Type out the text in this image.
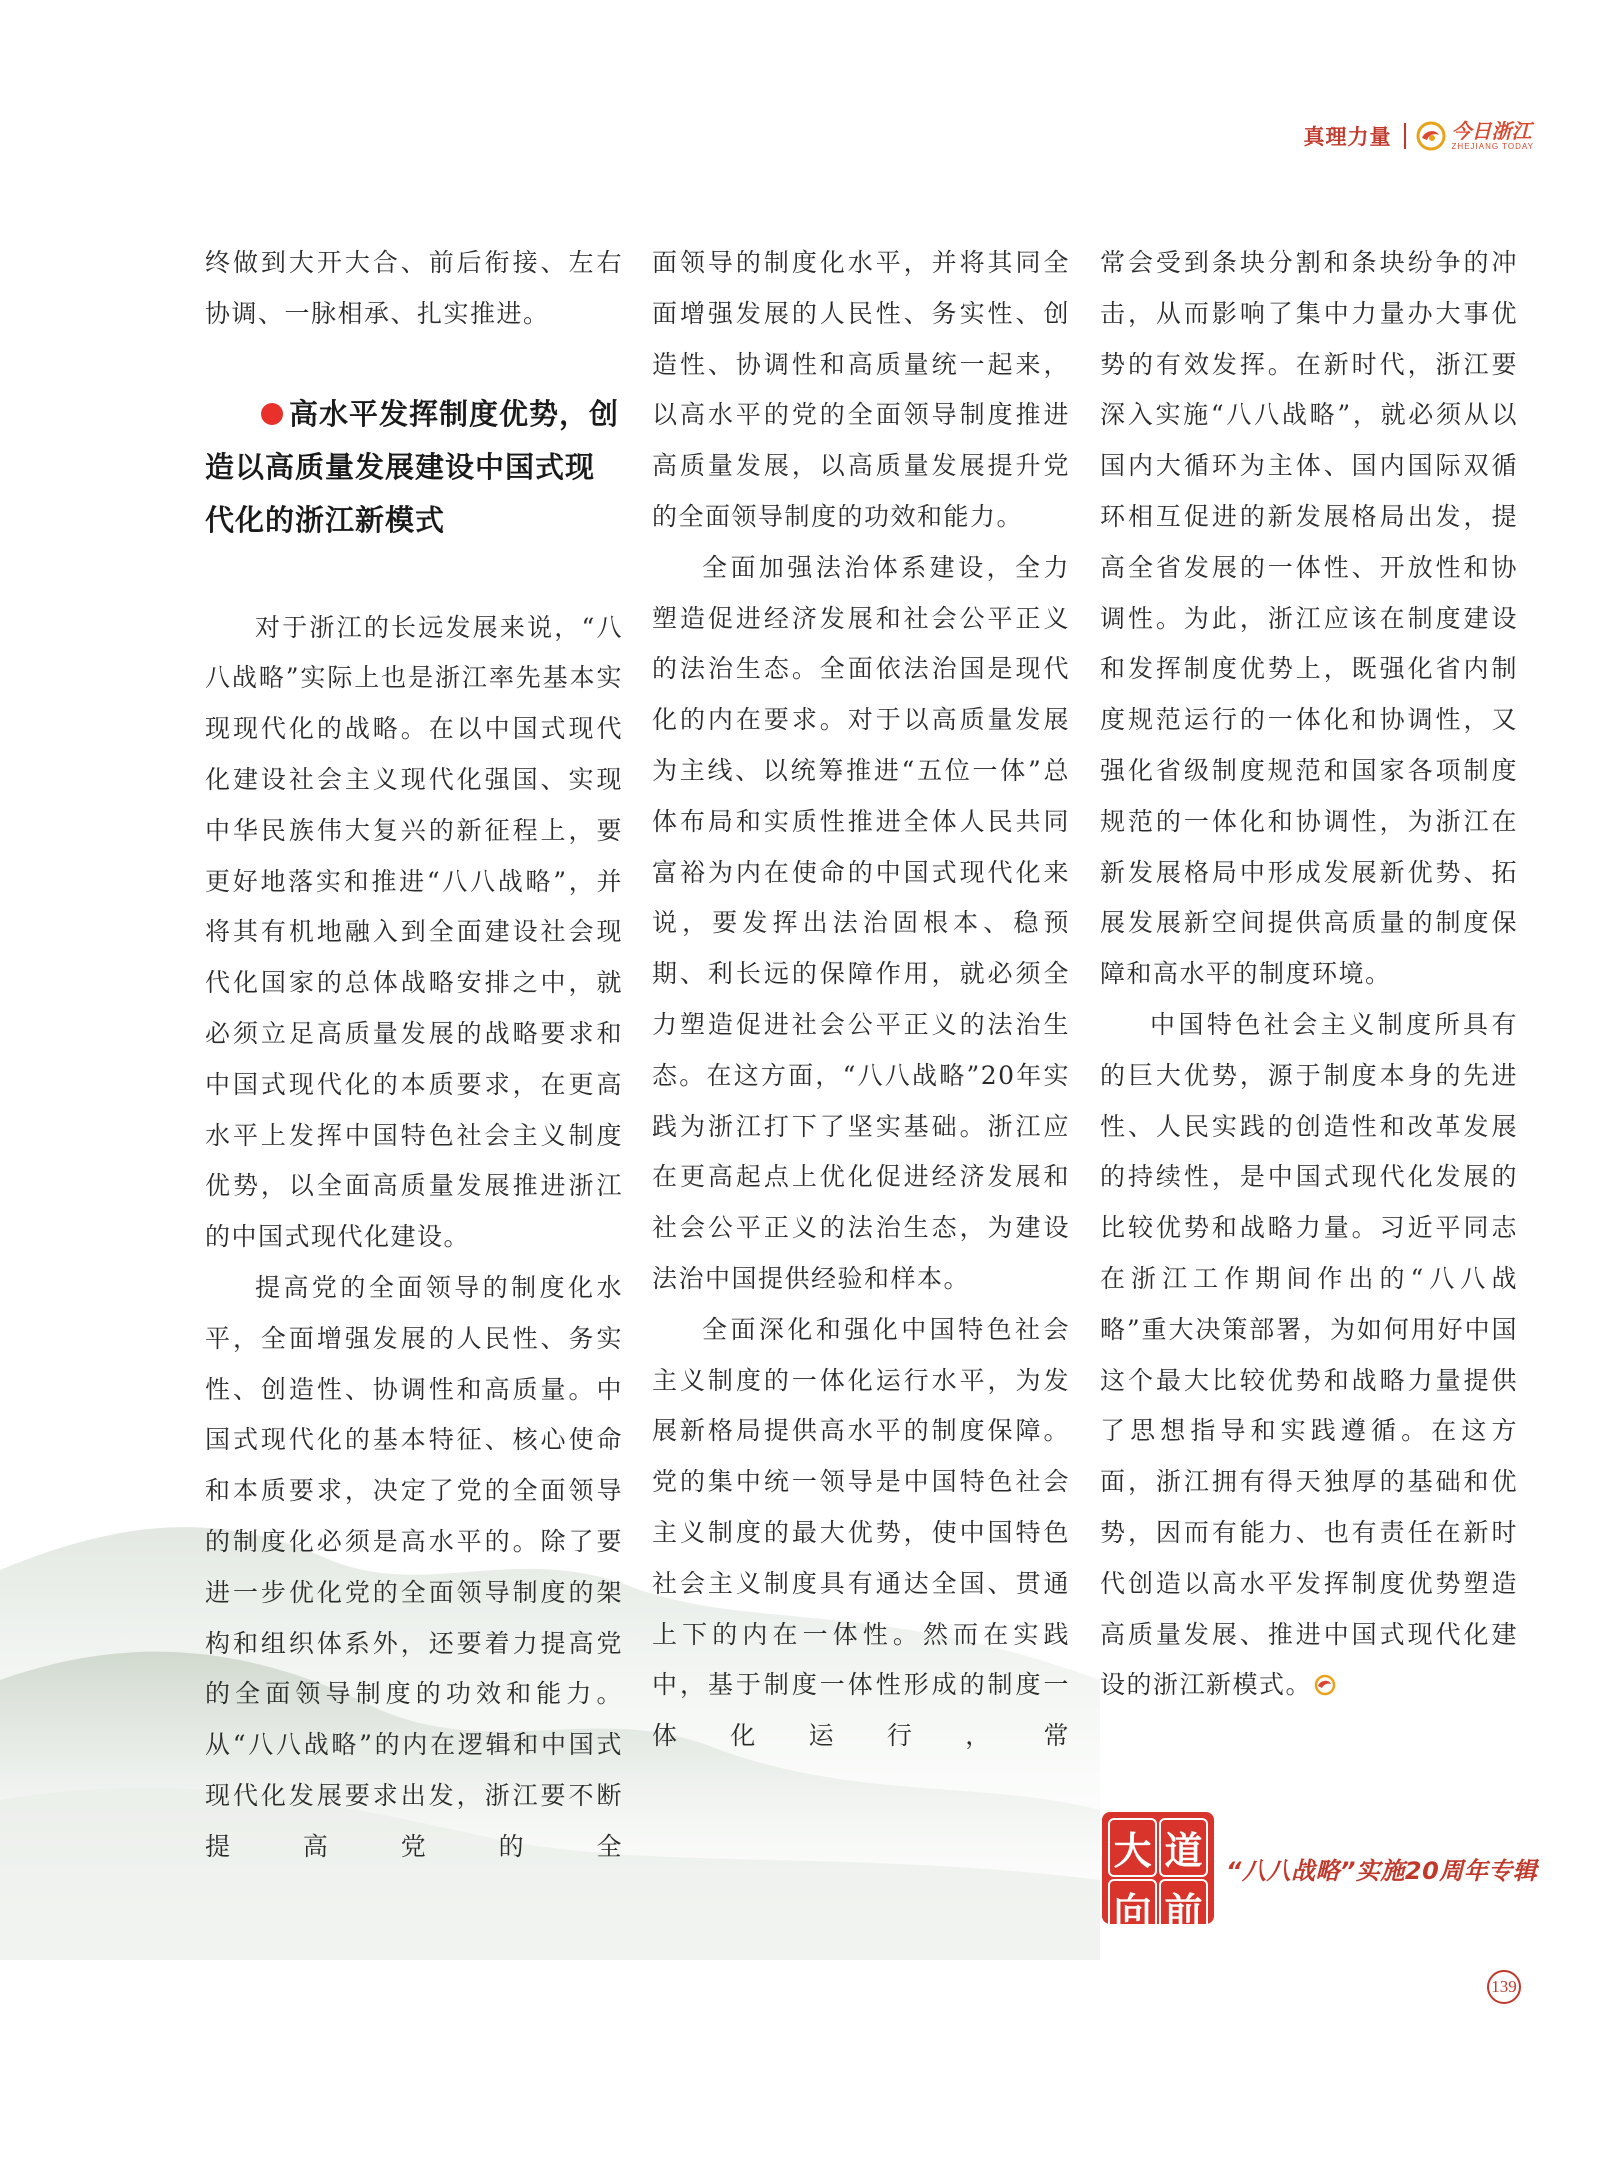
真理力量	今日浙江
ZHEJIANG TODAY

终做到大开大合、前后衔接、左右协调、一脉相承、扎实推进。

高水平发挥制度优势，创造以高质量发展建设中国式现代化的浙江新模式

对于浙江的长远发展来说，“八八战略”实际上也是浙江率先基本实现现代化的战略。在以中国式现代化建设社会主义现代化强国、实现中华民族伟大复兴的新征程上，要更好地落实和推进“八八战略”，并将其有机地融入到全面建设社会现代化国家的总体战略安排之中，就必须立足高质量发展的战略要求和中国式现代化的本质要求，在更高水平上发挥中国特色社会主义制度优势，以全面高质量发展推进浙江的中国式现代化建设。

提高党的全面领导的制度化水平，全面增强发展的人民性、务实性、创造性、协调性和高质量。中国式现代化的基本特征、核心使命和本质要求，决定了党的全面领导的制度化必须是高水平的。除了要进一步优化党的全面领导制度的架构和组织体系外，还要着力提高党的全面领导制度的功效和能力。从“八八战略”的内在逻辑和中国式现代化发展要求出发，浙江要不断提高党的全

面领导的制度化水平，并将其同全面增强发展的人民性、务实性、创造性、协调性和高质量统一起来，以高水平的党的全面领导制度推进高质量发展，以高质量发展提升党的全面领导制度的功效和能力。

全面加强法治体系建设，全力塑造促进经济发展和社会公平正义的法治生态。全面依法治国是现代化的内在要求。对于以高质量发展为主线、以统筹推进“五位一体”总体布局和实质性推进全体人民共同富裕为内在使命的中国式现代化来说，要发挥出法治固根本、稳预期、利长远的保障作用，就必须全力塑造促进社会公平正义的法治生态。在这方面，“八八战略”20年实践为浙江打下了坚实基础。浙江应在更高起点上优化促进经济发展和社会公平正义的法治生态，为建设法治中国提供经验和样本。

全面深化和强化中国特色社会主义制度的一体化运行水平，为发展新格局提供高水平的制度保障。党的集中统一领导是中国特色社会主义制度的最大优势，使中国特色社会主义制度具有通达全国、贯通上下的内在一体性。然而在实践中，基于制度一体性形成的制度一体化运行，常

常会受到条块分割和条块纷争的冲击，从而影响了集中力量办大事优势的有效发挥。在新时代，浙江要深入实施“八八战略”，就必须从以国内大循环为主体、国内国际双循环相互促进的新发展格局出发，提高全省发展的一体性、开放性和协调性。为此，浙江应该在制度建设和发挥制度优势上，既强化省内制度规范运行的一体化和协调性，又强化省级制度规范和国家各项制度规范的一体化和协调性，为浙江在新发展格局中形成发展新优势、拓展发展新空间提供高质量的制度保障和高水平的制度环境。

中国特色社会主义制度所具有的巨大优势，源于制度本身的先进性、人民实践的创造性和改革发展的持续性，是中国式现代化发展的比较优势和战略力量。习近平同志在浙江工作期间作出的“八八战略”重大决策部署，为如何用好中国这个最大比较优势和战略力量提供了思想指导和实践遵循。在这方面，浙江拥有得天独厚的基础和优势，因而有能力、也有责任在新时代创造以高水平发挥制度优势塑造高质量发展、推进中国式现代化建设的浙江新模式。

大 道
向 前
“八八战略”实施20周年专辑
139
